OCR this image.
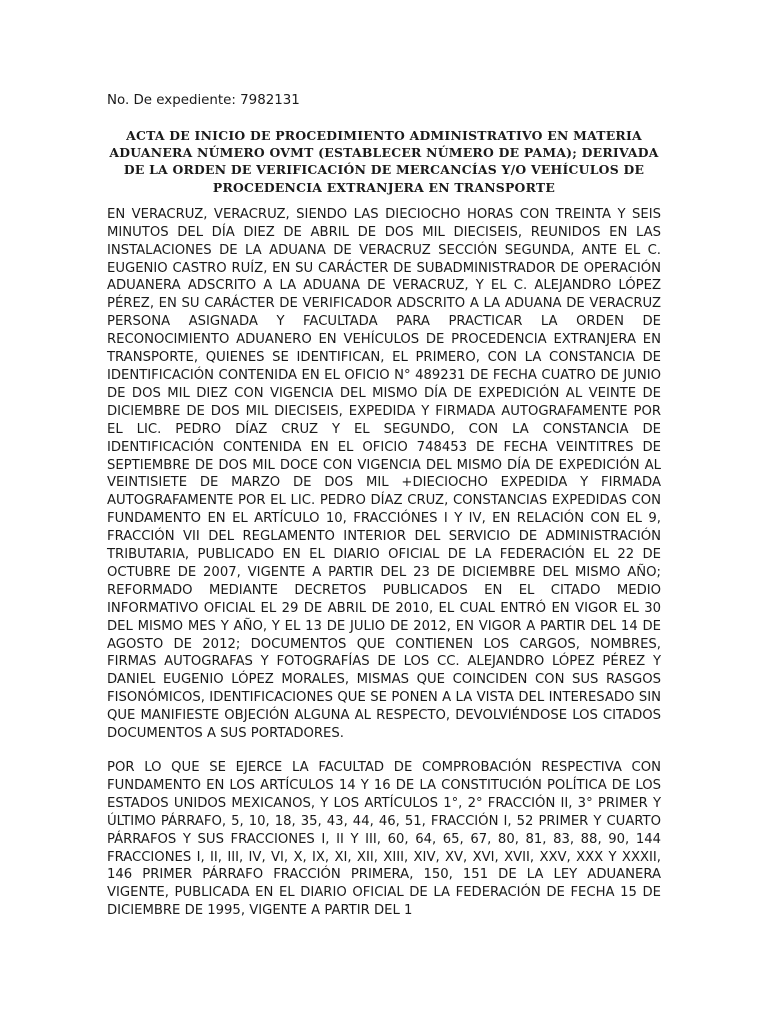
No. De expediente: 7982131

ACTA DE INICIO DE PROCEDIMIENTO ADMINISTRATIVO EN MATERIA ADUANERA NÚMERO OVMT (ESTABLECER NÚMERO DE PAMA); DERIVADA DE LA ORDEN DE VERIFICACIÓN DE MERCANCÍAS Y/O VEHÍCULOS DE PROCEDENCIA EXTRANJERA EN TRANSPORTE

EN VERACRUZ, VERACRUZ, SIENDO LAS DIECIOCHO HORAS CON TREINTA Y SEIS MINUTOS DEL DÍA DIEZ DE ABRIL DE DOS MIL DIECISEIS, REUNIDOS EN LAS INSTALACIONES DE LA ADUANA DE VERACRUZ SECCIÓN SEGUNDA, ANTE EL C. EUGENIO CASTRO RUÍZ, EN SU CARÁCTER DE SUBADMINISTRADOR DE OPERACIÓN ADUANERA ADSCRITO A LA ADUANA DE VERACRUZ, Y EL C. ALEJANDRO LÓPEZ PÉREZ, EN SU CARÁCTER DE VERIFICADOR ADSCRITO A LA ADUANA DE VERACRUZ PERSONA ASIGNADA Y FACULTADA PARA PRACTICAR LA ORDEN DE RECONOCIMIENTO ADUANERO EN VEHÍCULOS DE PROCEDENCIA EXTRANJERA EN TRANSPORTE, QUIENES SE IDENTIFICAN, EL PRIMERO, CON LA CONSTANCIA DE IDENTIFICACIÓN CONTENIDA EN EL OFICIO N° 489231 DE FECHA CUATRO DE JUNIO DE DOS MIL DIEZ CON VIGENCIA DEL MISMO DÍA DE EXPEDICIÓN AL VEINTE DE DICIEMBRE DE DOS MIL DIECISEIS, EXPEDIDA Y FIRMADA AUTOGRAFAMENTE POR EL LIC. PEDRO DÍAZ CRUZ Y EL SEGUNDO, CON LA CONSTANCIA DE IDENTIFICACIÓN CONTENIDA EN EL OFICIO 748453 DE FECHA VEINTITRES DE SEPTIEMBRE DE DOS MIL DOCE CON VIGENCIA DEL MISMO DÍA DE EXPEDICIÓN AL VEINTISIETE DE MARZO DE DOS MIL +DIECIOCHO EXPEDIDA Y FIRMADA AUTOGRAFAMENTE POR EL LIC. PEDRO DÍAZ CRUZ, CONSTANCIAS EXPEDIDAS CON FUNDAMENTO EN EL ARTÍCULO 10, FRACCIÓNES I Y IV, EN RELACIÓN CON EL 9, FRACCIÓN VII DEL REGLAMENTO INTERIOR DEL SERVICIO DE ADMINISTRACIÓN TRIBUTARIA, PUBLICADO EN EL DIARIO OFICIAL DE LA FEDERACIÓN EL 22 DE OCTUBRE DE 2007, VIGENTE A PARTIR DEL 23 DE DICIEMBRE DEL MISMO AÑO; REFORMADO MEDIANTE DECRETOS PUBLICADOS EN EL CITADO MEDIO INFORMATIVO OFICIAL EL 29 DE ABRIL DE 2010, EL CUAL ENTRÓ EN VIGOR EL 30 DEL MISMO MES Y AÑO, Y EL 13 DE JULIO DE 2012, EN VIGOR A PARTIR DEL 14 DE AGOSTO DE 2012; DOCUMENTOS QUE CONTIENEN LOS CARGOS, NOMBRES, FIRMAS AUTOGRAFAS Y FOTOGRAFÍAS DE LOS CC. ALEJANDRO LÓPEZ PÉREZ Y DANIEL EUGENIO LÓPEZ MORALES, MISMAS QUE COINCIDEN CON SUS RASGOS FISONÓMICOS, IDENTIFICACIONES QUE SE PONEN A LA VISTA DEL INTERESADO SIN QUE MANIFIESTE OBJECIÓN ALGUNA AL RESPECTO, DEVOLVIÉNDOSE LOS CITADOS DOCUMENTOS A SUS PORTADORES.

POR LO QUE SE EJERCE LA FACULTAD DE COMPROBACIÓN RESPECTIVA CON FUNDAMENTO EN LOS ARTÍCULOS 14 Y 16 DE LA CONSTITUCIÓN POLÍTICA DE LOS ESTADOS UNIDOS MEXICANOS, Y LOS ARTÍCULOS 1°, 2° FRACCIÓN II, 3° PRIMER Y ÚLTIMO PÁRRAFO, 5, 10, 18, 35, 43, 44, 46, 51, FRACCIÓN I, 52 PRIMER Y CUARTO PÁRRAFOS Y SUS FRACCIONES I, II Y III, 60, 64, 65, 67, 80, 81, 83, 88, 90, 144 FRACCIONES I, II, III, IV, VI, X, IX, XI, XII, XIII, XIV, XV, XVI, XVII, XXV, XXX Y XXXII, 146 PRIMER PÁRRAFO FRACCIÓN PRIMERA, 150, 151 DE LA LEY ADUANERA VIGENTE, PUBLICADA EN EL DIARIO OFICIAL DE LA FEDERACIÓN DE FECHA 15 DE DICIEMBRE DE 1995, VIGENTE A PARTIR DEL 1
